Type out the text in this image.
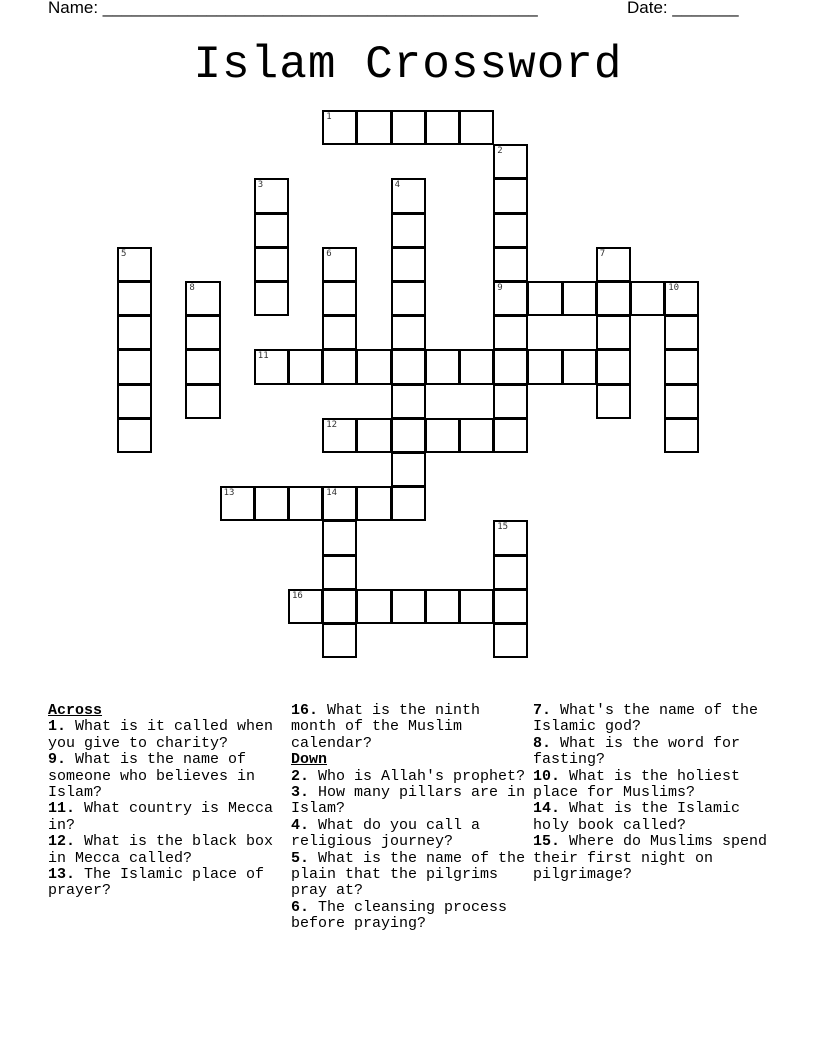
Name: ______________________________________________	Date: _______
Islam Crossword
1
2
9
3	4
5	6	7
8	10
11
12
13	14
15
16
Across
1. What is it called when you give to charity?
9. What is the name of someone who believes in Islam?
11. What country is Mecca in?
12. What is the black box in Mecca called?
13. The Islamic place of prayer?
16. What is the ninth month of the Muslim calendar?
Down
2. Who is Allah's prophet?
3. How many pillars are in Islam?
4. What do you call a religious journey?
5. What is the name of the plain that the pilgrims pray at?
6. The cleansing process before praying?
7. What's the name of the Islamic god?
8. What is the word for fasting?
10. What is the holiest place for Muslims?
14. What is the Islamic holy book called?
15. Where do Muslims spend their first night on pilgrimage?
